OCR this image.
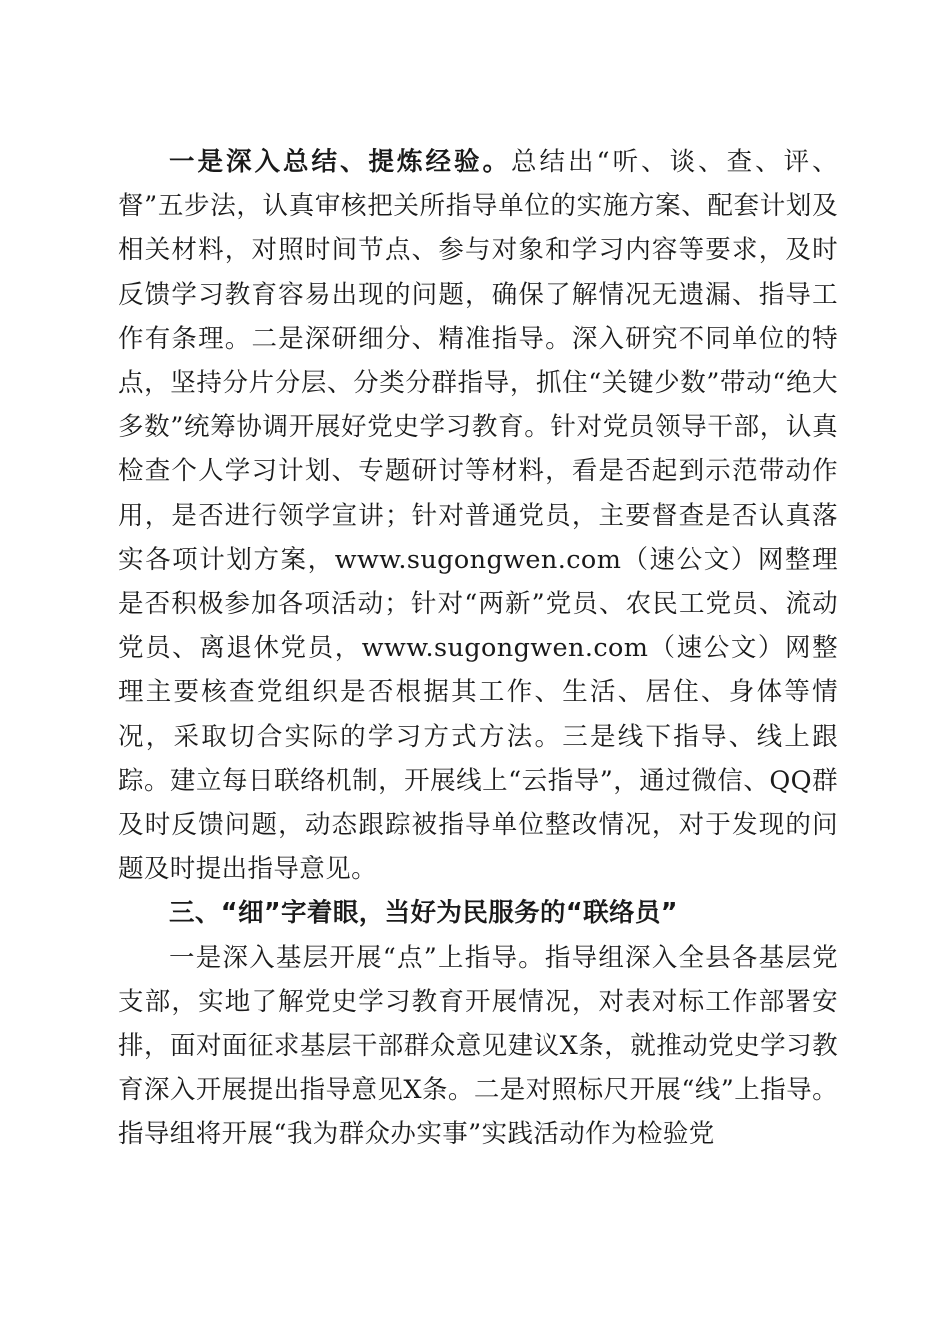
一是深入总结、提炼经验。总结出“听、谈、查、评、督”五步法，认真审核把关所指导单位的实施方案、配套计划及相关材料，对照时间节点、参与对象和学习内容等要求，及时反馈学习教育容易出现的问题，确保了解情况无遗漏、指导工作有条理。二是深研细分、精准指导。深入研究不同单位的特点，坚持分片分层、分类分群指导，抓住“关键少数”带动“绝大多数”统筹协调开展好党史学习教育。针对党员领导干部，认真检查个人学习计划、专题研讨等材料，看是否起到示范带动作用，是否进行领学宣讲；针对普通党员，主要督查是否认真落实各项计划方案，www.sugongwen.com（速公文）网整理是否积极参加各项活动；针对“两新”党员、农民工党员、流动党员、离退休党员，www.sugongwen.com（速公文）网整理主要核查党组织是否根据其工作、生活、居住、身体等情况，采取切合实际的学习方式方法。三是线下指导、线上跟踪。建立每日联络机制，开展线上“云指导”，通过微信、QQ群及时反馈问题，动态跟踪被指导单位整改情况，对于发现的问题及时提出指导意见。

三、“细”字着眼，当好为民服务的“联络员”

一是深入基层开展“点”上指导。指导组深入全县各基层党支部，实地了解党史学习教育开展情况，对表对标工作部署安排，面对面征求基层干部群众意见建议X条，就推动党史学习教育深入开展提出指导意见X条。二是对照标尺开展“线”上指导。指导组将开展“我为群众办实事”实践活动作为检验党
